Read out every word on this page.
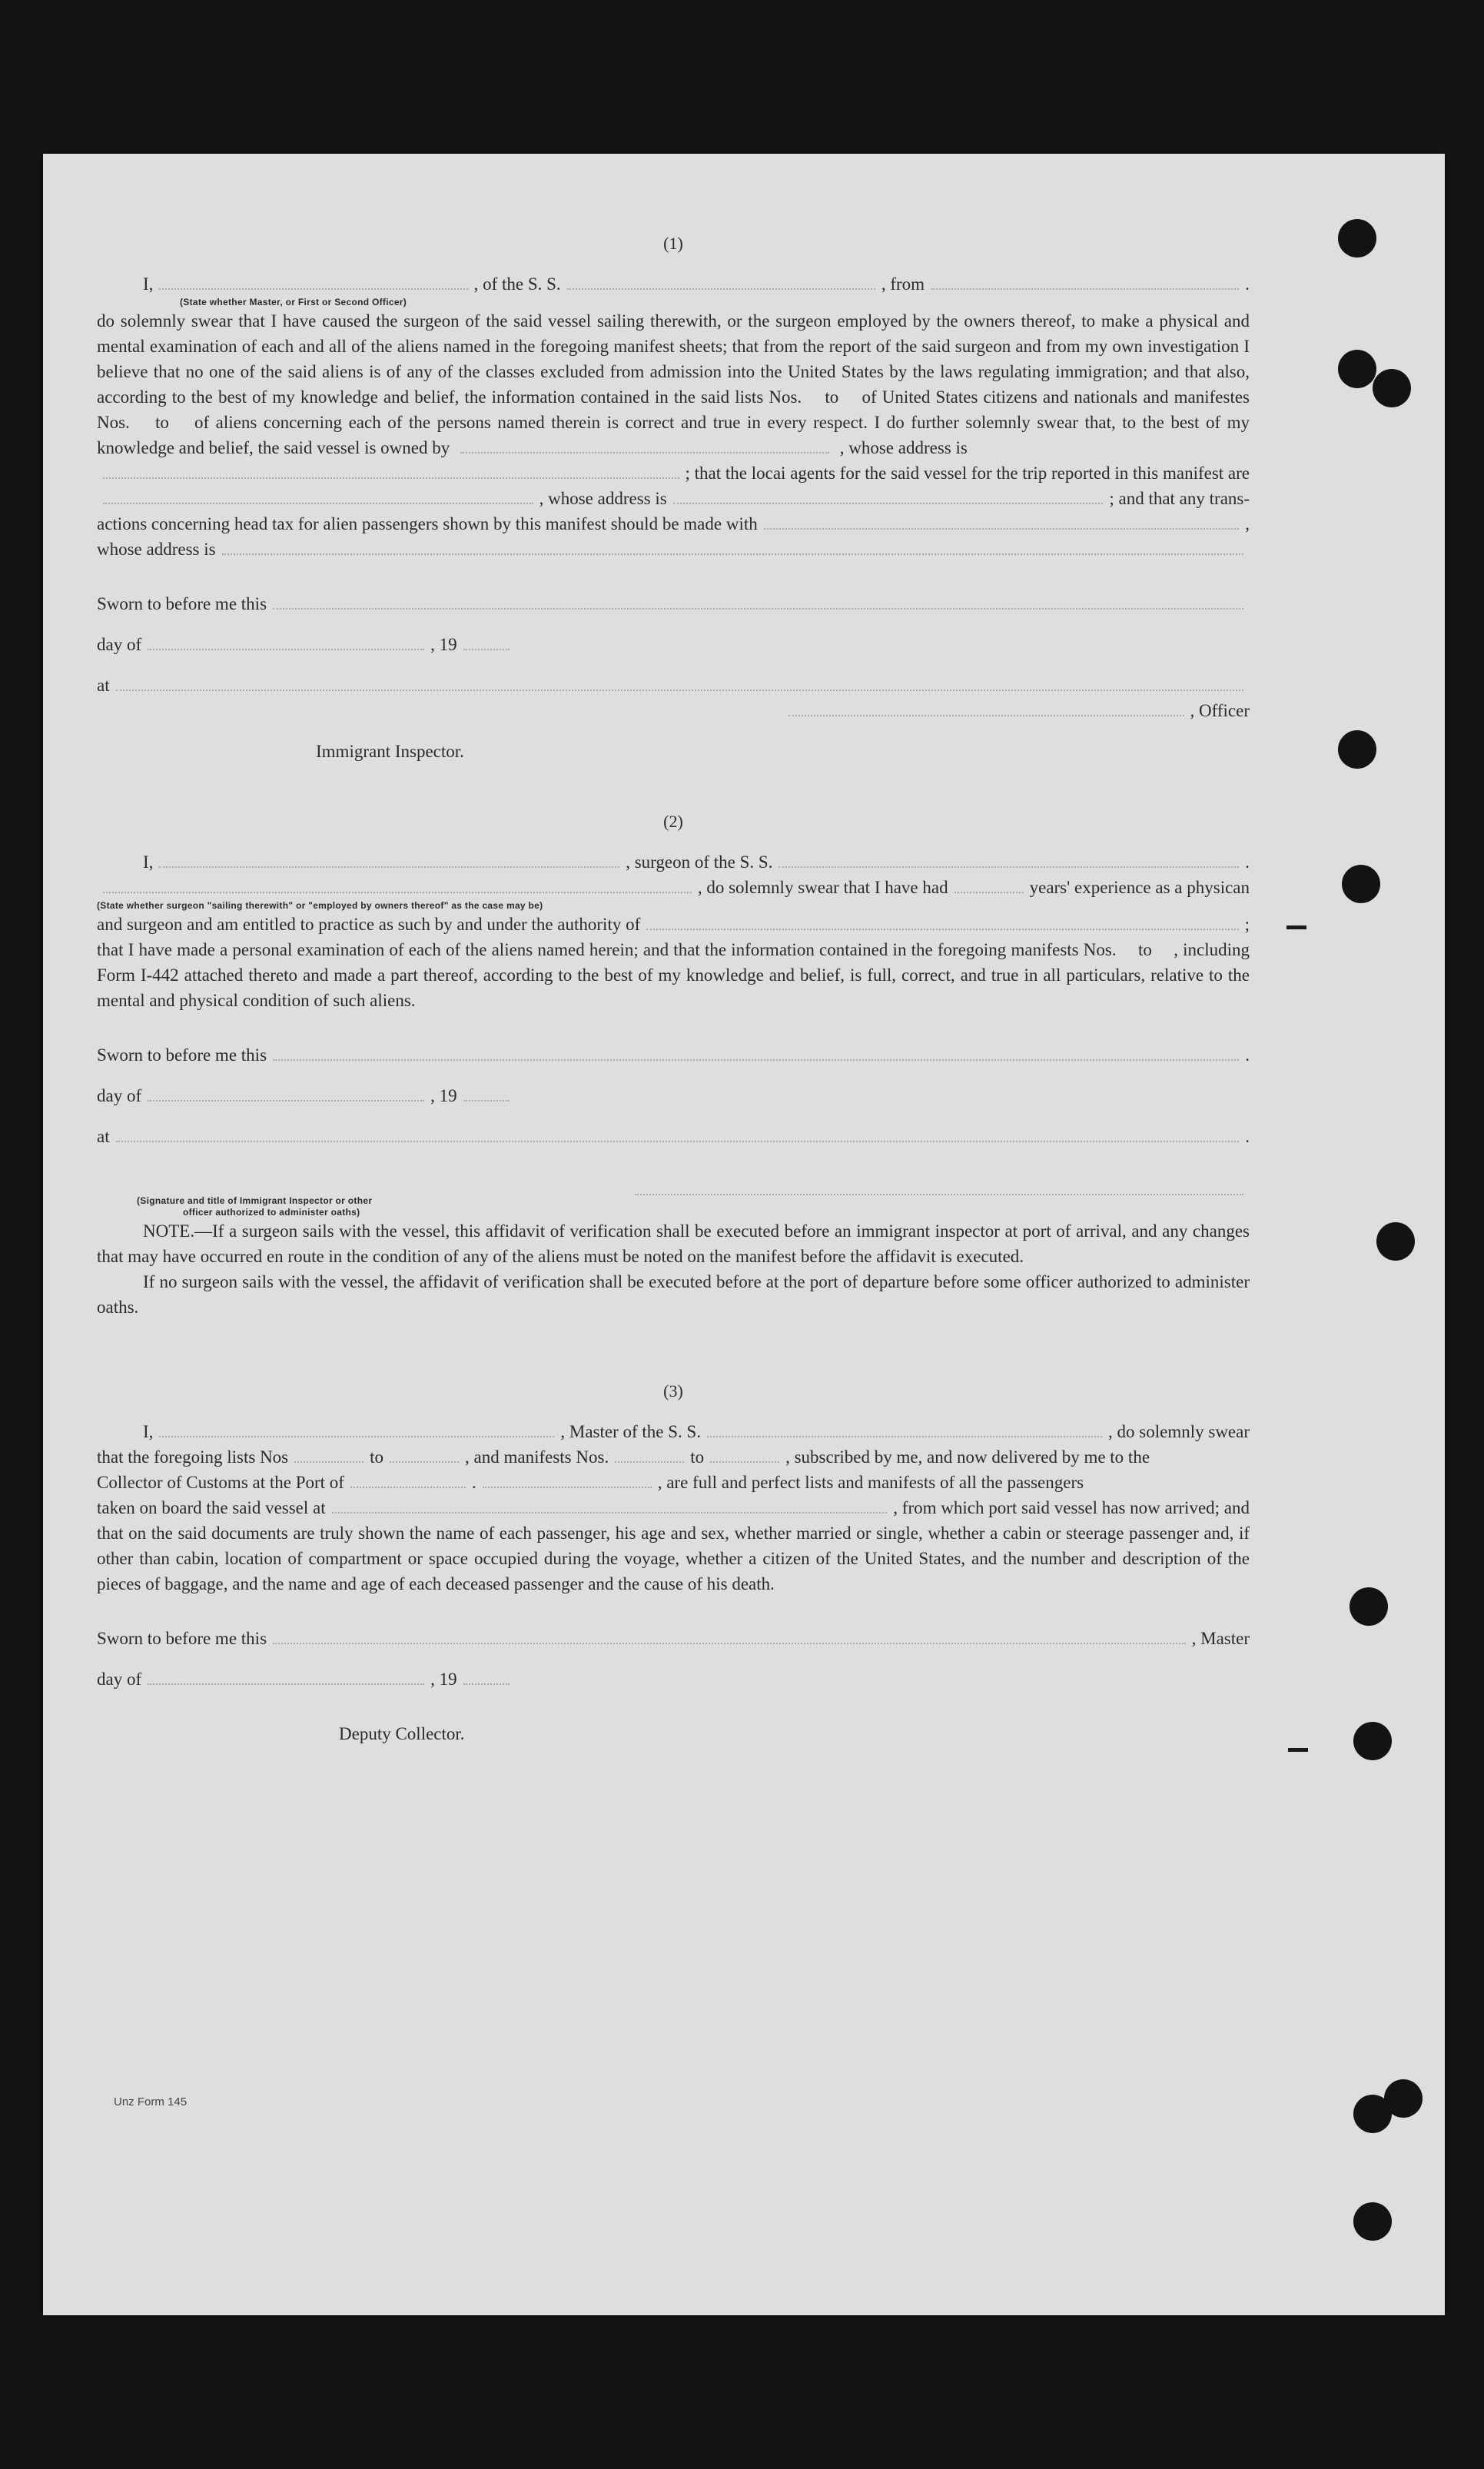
(1)

I,	, of the S. S.	, from	.
(State whether Master, or First or Second Officer)

do solemnly swear that I have caused the surgeon of the said vessel sailing therewith, or the surgeon employed by the owners thereof, to make a physical and mental examination of each and all of the aliens named in the foregoing manifest sheets; that from the report of the said surgeon and from my own investigation I believe that no one of the said aliens is of any of the classes excluded from admission into the United States by the laws regulating immigration; and that also, according to the best of my knowledge and belief, the information contained in the said lists Nos. to of United States citizens and nationals and manifestes Nos. to of aliens concerning each of the persons named therein is correct and true in every respect. I do further solemnly swear that, to the best of my knowledge and belief, the said vessel is owned by	, whose address is

; that the locai agents for the said vessel for the trip reported in this manifest are
, whose address is	; and that any trans-
actions concerning head tax for alien passengers shown by this manifest should be made with	,
whose address is
Sworn to before me this
day of	, 19
at
, Officer
Immigrant Inspector.

(2)

I,	, surgeon of the S. S.	.
, do solemnly swear that I have had	years' experience as a physican
(State whether surgeon "sailing therewith" or "employed by owners thereof" as the case may be)
and surgeon and am entitled to practice as such by and under the authority of	;

that I have made a personal examination of each of the aliens named herein; and that the information contained in the foregoing manifests Nos. to , including Form I-442 attached thereto and made a part thereof, according to the best of my knowledge and belief, is full, correct, and true in all particulars, relative to the mental and physical condition of such aliens.

Sworn to before me this	.
day of	, 19
at	.
(Signature and title of Immigrant Inspector or other
officer authorized to administer oaths)

NOTE.—If a surgeon sails with the vessel, this affidavit of verification shall be executed before an immigrant inspector at port of arrival, and any changes that may have occurred en route in the condition of any of the aliens must be noted on the manifest before the affidavit is executed.

If no surgeon sails with the vessel, the affidavit of verification shall be executed before at the port of departure before some officer authorized to administer oaths.

(3)

I,	, Master of the S. S.	, do solemnly swear
that the foregoing lists Nos	to	, and manifests Nos.	to	, subscribed by me, and now delivered by me to the
Collector of Customs at the Port of	.	, are full and perfect lists and manifests of all the passengers
taken on board the said vessel at	, from which port said vessel has now arrived; and

that on the said documents are truly shown the name of each passenger, his age and sex, whether married or single, whether a cabin or steerage passenger and, if other than cabin, location of compartment or space occupied during the voyage, whether a citizen of the United States, and the number and description of the pieces of baggage, and the name and age of each deceased passenger and the cause of his death.

Sworn to before me this	, Master
day of	, 19
Deputy Collector.
Unz Form 145
